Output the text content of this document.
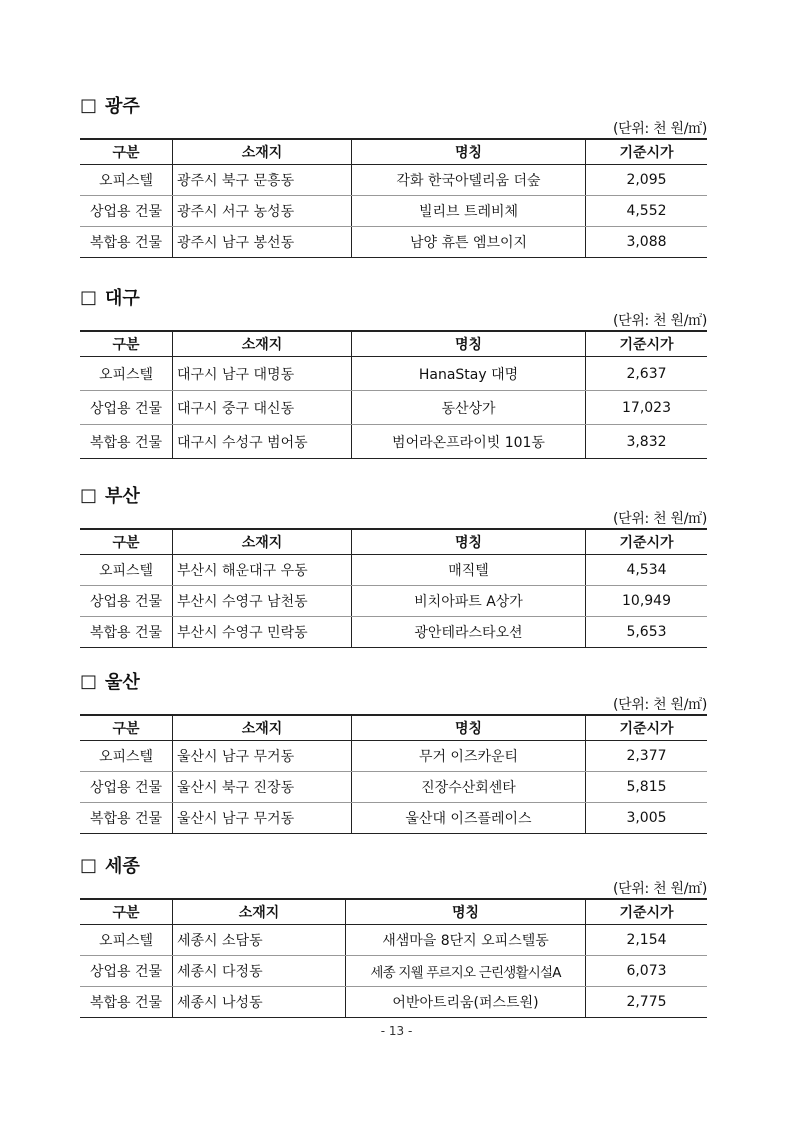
□ 광주
(단위: 천 원/㎡)
구분	소재지	명칭	기준시가
오피스텔	광주시 북구 문흥동	각화 한국아델리움 더숲	2,095
상업용 건물	광주시 서구 농성동	빌리브 트레비체	4,552
복합용 건물	광주시 남구 봉선동	남양 휴튼 엠브이지	3,088
□ 대구
(단위: 천 원/㎡)
구분	소재지	명칭	기준시가
오피스텔	대구시 남구 대명동	HanaStay 대명	2,637
상업용 건물	대구시 중구 대신동	동산상가	17,023
복합용 건물	대구시 수성구 범어동	범어라온프라이빗 101동	3,832
□ 부산
(단위: 천 원/㎡)
구분	소재지	명칭	기준시가
오피스텔	부산시 해운대구 우동	매직텔	4,534
상업용 건물	부산시 수영구 남천동	비치아파트 A상가	10,949
복합용 건물	부산시 수영구 민락동	광안테라스타오션	5,653
□ 울산
(단위: 천 원/㎡)
구분	소재지	명칭	기준시가
오피스텔	울산시 남구 무거동	무거 이즈카운티	2,377
상업용 건물	울산시 북구 진장동	진장수산회센타	5,815
복합용 건물	울산시 남구 무거동	울산대 이즈플레이스	3,005
□ 세종
(단위: 천 원/㎡)
구분	소재지	명칭	기준시가
오피스텔	세종시 소담동	새샘마을 8단지 오피스텔동	2,154
상업용 건물	세종시 다정동	세종 지웰 푸르지오 근린생활시설A	6,073
복합용 건물	세종시 나성동	어반아트리움(퍼스트원)	2,775
- 13 -
